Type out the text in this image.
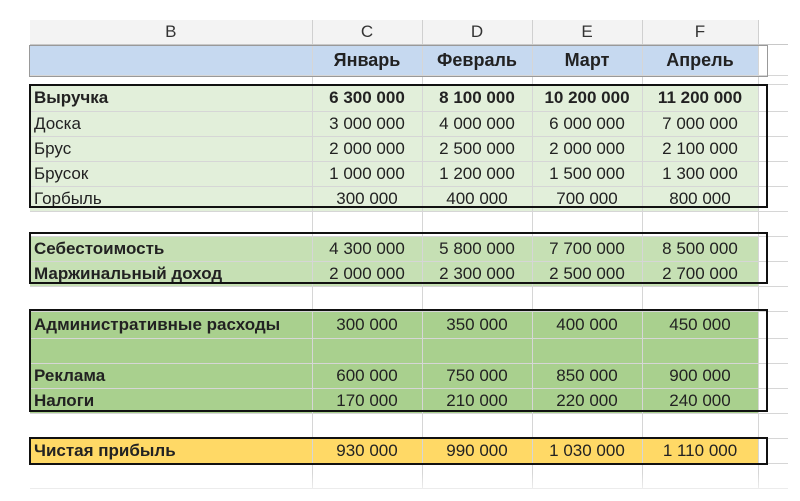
B	C	D	E	F	
	Январь	Февраль	Март	Апрель	

Выручка	6 300 000	8 100 000	10 200 000	11 200 000	
Доска	3 000 000	4 000 000	6 000 000	7 000 000	
Брус	2 000 000	2 500 000	2 000 000	2 100 000	
Брусок	1 000 000	1 200 000	1 500 000	1 300 000	
Горбыль	300 000	400 000	700 000	800 000	

Себестоимость	4 300 000	5 800 000	7 700 000	8 500 000	
Маржинальный доход	2 000 000	2 300 000	2 500 000	2 700 000	

Административные расходы	300 000	350 000	400 000	450 000	

Реклама	600 000	750 000	850 000	900 000	
Налоги	170 000	210 000	220 000	240 000	

Чистая прибыль	930 000	990 000	1 030 000	1 110 000	
